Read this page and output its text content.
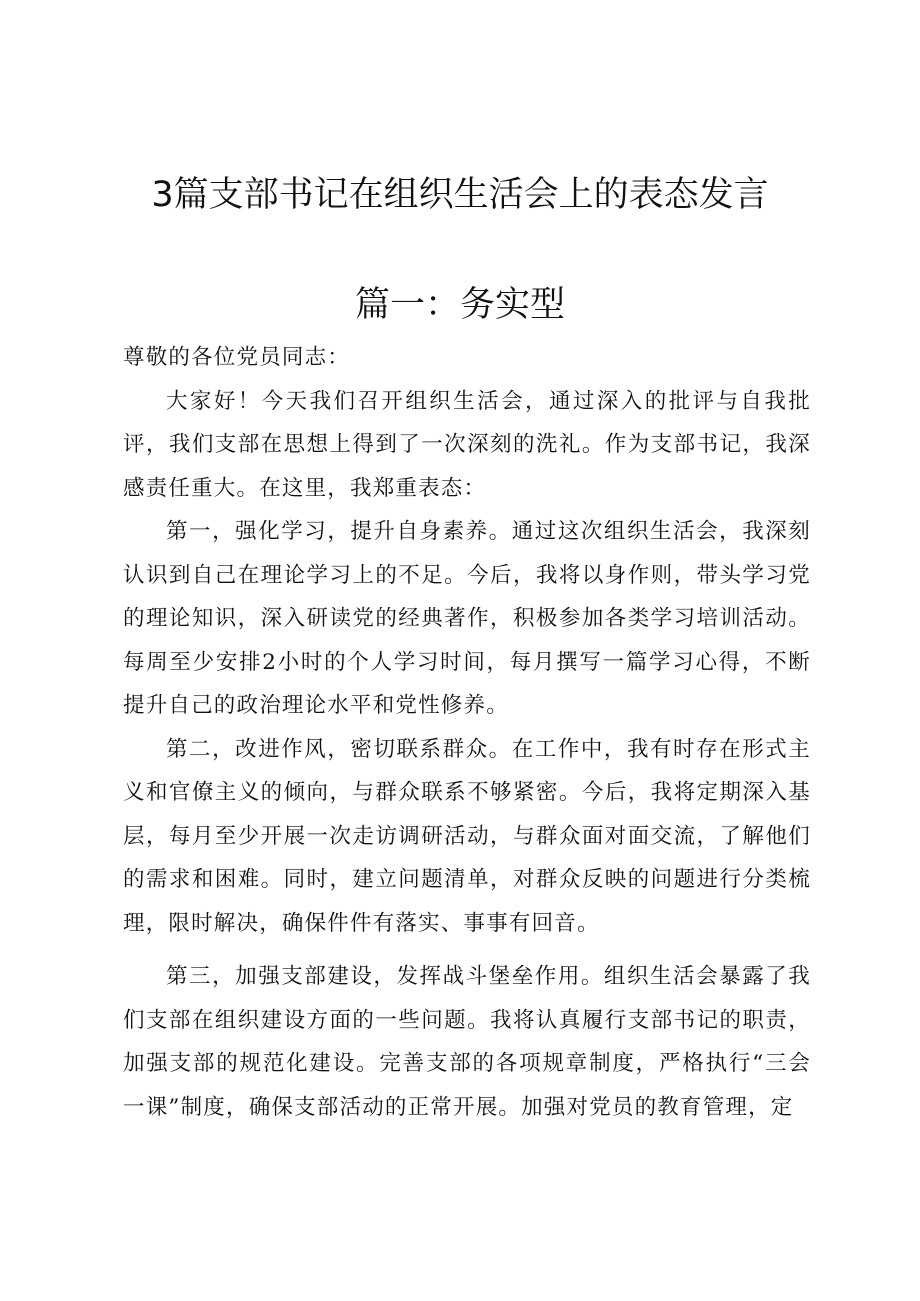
3篇支部书记在组织生活会上的表态发言
篇一：务实型

尊敬的各位党员同志：

大家好！今天我们召开组织生活会，通过深入的批评与自我批评，我们支部在思想上得到了一次深刻的洗礼。作为支部书记，我深感责任重大。在这里，我郑重表态：

第一，强化学习，提升自身素养。通过这次组织生活会，我深刻认识到自己在理论学习上的不足。今后，我将以身作则，带头学习党的理论知识，深入研读党的经典著作，积极参加各类学习培训活动。每周至少安排2小时的个人学习时间，每月撰写一篇学习心得，不断提升自己的政治理论水平和党性修养。

第二，改进作风，密切联系群众。在工作中，我有时存在形式主义和官僚主义的倾向，与群众联系不够紧密。今后，我将定期深入基层，每月至少开展一次走访调研活动，与群众面对面交流，了解他们的需求和困难。同时，建立问题清单，对群众反映的问题进行分类梳理，限时解决，确保件件有落实、事事有回音。

第三，加强支部建设，发挥战斗堡垒作用。组织生活会暴露了我们支部在组织建设方面的一些问题。我将认真履行支部书记的职责，加强支部的规范化建设。完善支部的各项规章制度，严格执行“三会一课”制度，确保支部活动的正常开展。加强对党员的教育管理，定
